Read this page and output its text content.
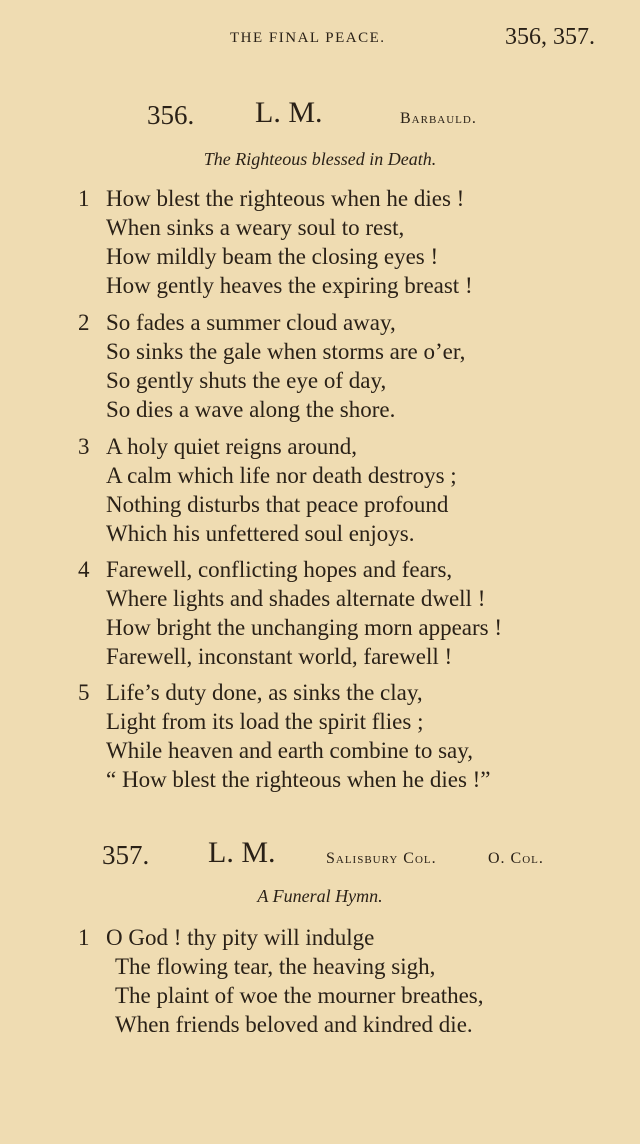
THE FINAL PEACE.	356, 357.
356. L. M.	Barbauld.
The Righteous blessed in Death.
1 How blest the righteous when he dies !
When sinks a weary soul to rest,
How mildly beam the closing eyes !
How gently heaves the expiring breast !
2 So fades a summer cloud away,
So sinks the gale when storms are o’er,
So gently shuts the eye of day,
So dies a wave along the shore.
3 A holy quiet reigns around,
A calm which life nor death destroys ;
Nothing disturbs that peace profound
Which his unfettered soul enjoys.
4 Farewell, conflicting hopes and fears,
Where lights and shades alternate dwell !
How bright the unchanging morn appears !
Farewell, inconstant world, farewell !
5 Life’s duty done, as sinks the clay,
Light from its load the spirit flies ;
While heaven and earth combine to say,
“ How blest the righteous when he dies !”
357. L. M.	Salisbury Col.	O. Col.
A Funeral Hymn.
1 O God ! thy pity will indulge
The flowing tear, the heaving sigh,
The plaint of woe the mourner breathes,
When friends beloved and kindred die.
